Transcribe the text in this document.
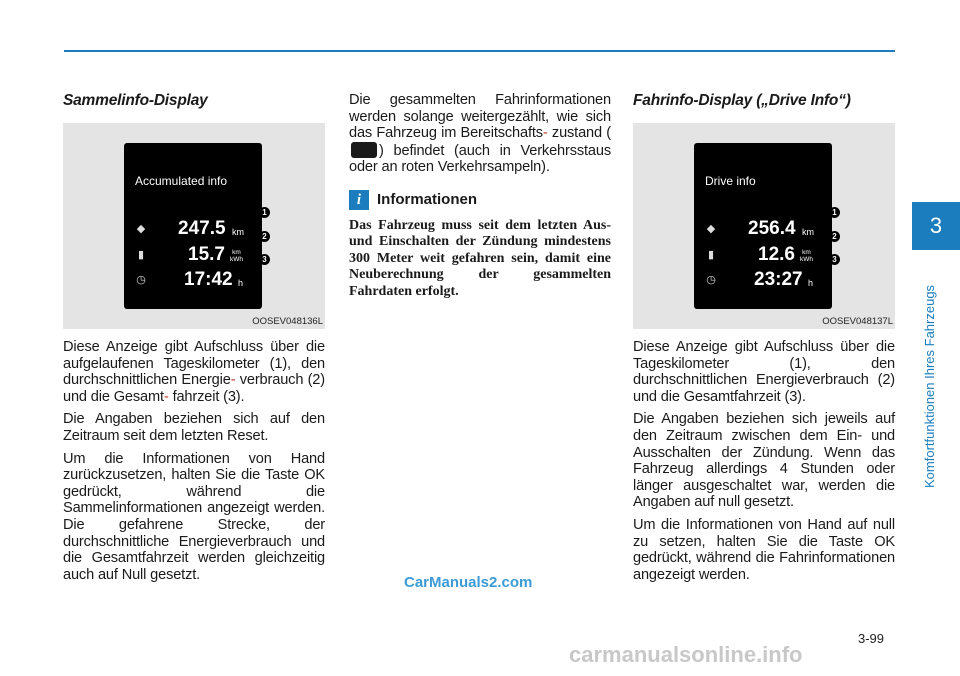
Sammelinfo-Display

Accumulated info
◆ 247.5 km
▮ 15.7	km
kWh
◷ 17:42 h
1
2
3
OOSEV048136L

Diese Anzeige gibt Aufschluss über die aufgelaufenen Tageskilometer (1), den durchschnittlichen Energie- verbrauch (2) und die Gesamt- fahrzeit (3).

Die Angaben beziehen sich auf den Zeitraum seit dem letzten Reset.

Um die Informationen von Hand zurückzusetzen, halten Sie die Taste OK gedrückt, während die Sammelinformationen angezeigt werden. Die gefahrene Strecke, der durchschnittliche Energieverbrauch und die Gesamtfahrzeit werden gleichzeitig auch auf Null gesetzt.

Die gesammelten Fahrinformationen werden solange weitergezählt, wie sich das Fahrzeug im Bereitschafts- zustand () befindet (auch in Verkehrsstaus oder an roten Verkehrsampeln).

i	Informationen

Das Fahrzeug muss seit dem letzten Aus- und Einschalten der Zündung mindestens 300 Meter weit gefahren sein, damit eine Neuberechnung der gesammelten Fahrdaten erfolgt.

Fahrinfo-Display („Drive Info“)

Drive info
◆ 256.4 km
▮ 12.6	km
kWh
◷ 23:27 h
1
2
3
OOSEV048137L

Diese Anzeige gibt Aufschluss über die Tageskilometer (1), den durchschnittlichen Energieverbrauch (2) und die Gesamtfahrzeit (3).

Die Angaben beziehen sich jeweils auf den Zeitraum zwischen dem Ein- und Ausschalten der Zündung. Wenn das Fahrzeug allerdings 4 Stunden oder länger ausgeschaltet war, werden die Angaben auf null gesetzt.

Um die Informationen von Hand auf null zu setzen, halten Sie die Taste OK gedrückt, während die Fahrinformationen angezeigt werden.

3
Komfortfunktionen Ihres Fahrzeugs
3-99
CarManuals2.com
carmanualsonline.info
